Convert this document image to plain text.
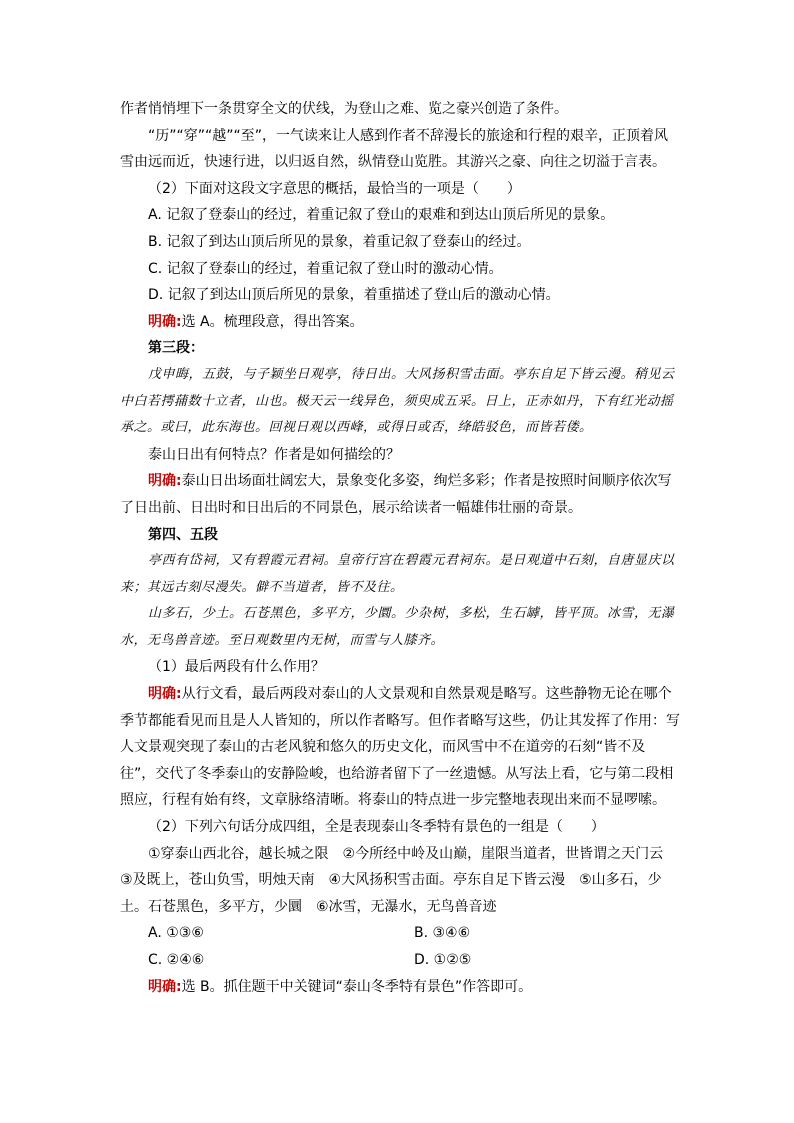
作者悄悄埋下一条贯穿全文的伏线，为登山之难、览之豪兴创造了条件。

“历”“穿”“越”“至”，一气读来让人感到作者不辞漫长的旅途和行程的艰辛，正顶着风雪由远而近，快速行进，以归返自然，纵情登山览胜。其游兴之豪、向往之切溢于言表。

（2）下面对这段文字意思的概括，最恰当的一项是（　　）

A. 记叙了登泰山的经过，着重记叙了登山的艰难和到达山顶后所见的景象。

B. 记叙了到达山顶后所见的景象，着重记叙了登泰山的经过。

C. 记叙了登泰山的经过，着重记叙了登山时的激动心情。

D. 记叙了到达山顶后所见的景象，着重描述了登山后的激动心情。

明确:选 A。梳理段意，得出答案。

第三段：

戊申晦，五鼓，与子颖坐日观亭，待日出。大风扬积雪击面。亭东自足下皆云漫。稍见云中白若摴蒱数十立者，山也。极天云一线异色，须臾成五采。日上，正赤如丹，下有红光动摇承之。或曰，此东海也。回视日观以西峰，或得日或否，绛皓驳色，而皆若偻。

泰山日出有何特点？作者是如何描绘的？

明确:泰山日出场面壮阔宏大，景象变化多姿，绚烂多彩；作者是按照时间顺序依次写了日出前、日出时和日出后的不同景色，展示给读者一幅雄伟壮丽的奇景。

第四、五段

亭西有岱祠，又有碧霞元君祠。皇帝行宫在碧霞元君祠东。是日观道中石刻，自唐显庆以来；其远古刻尽漫失。僻不当道者，皆不及往。

山多石，少土。石苍黑色，多平方，少圜。少杂树，多松，生石罅，皆平顶。冰雪，无瀑水，无鸟兽音迹。至日观数里内无树，而雪与人膝齐。

（1）最后两段有什么作用？

明确:从行文看，最后两段对泰山的人文景观和自然景观是略写。这些静物无论在哪个季节都能看见而且是人人皆知的，所以作者略写。但作者略写这些，仍让其发挥了作用：写人文景观突现了泰山的古老风貌和悠久的历史文化，而风雪中不在道旁的石刻“皆不及往”，交代了冬季泰山的安静险峻，也给游者留下了一丝遗憾。从写法上看，它与第二段相照应，行程有始有终，文章脉络清晰。将泰山的特点进一步完整地表现出来而不显啰嗦。

（2）下列六句话分成四组，全是表现泰山冬季特有景色的一组是（　　）

①穿泰山西北谷，越长城之限　②今所经中岭及山巅，崖限当道者，世皆谓之天门云　③及既上，苍山负雪，明烛天南　④大风扬积雪击面。亭东自足下皆云漫　⑤山多石，少土。石苍黑色，多平方，少圜　⑥冰雪，无瀑水，无鸟兽音迹

A. ①③⑥	B. ③④⑥
C. ②④⑥	D. ①②⑤

明确:选 B。抓住题干中关键词“泰山冬季特有景色”作答即可。
